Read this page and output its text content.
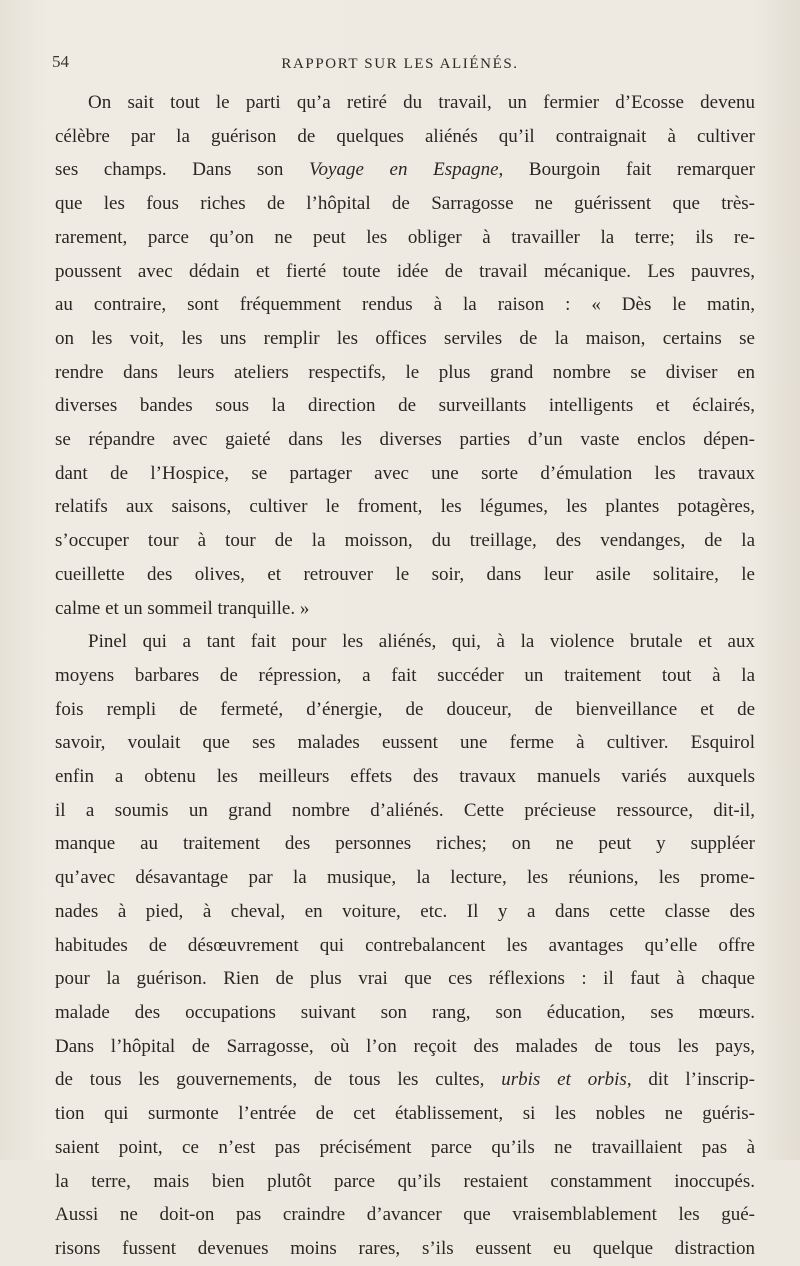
54	RAPPORT SUR LES ALIÉNÉS.
On sait tout le parti qu’a retiré du travail, un fermier d’Ecosse devenu
célèbre par la guérison de quelques aliénés qu’il contraignait à cultiver
ses champs. Dans son Voyage en Espagne, Bourgoin fait remarquer
que les fous riches de l’hôpital de Sarragosse ne guérissent que très-
rarement, parce qu’on ne peut les obliger à travailler la terre; ils re-
poussent avec dédain et fierté toute idée de travail mécanique. Les pauvres,
au contraire, sont fréquemment rendus à la raison : « Dès le matin,
on les voit, les uns remplir les offices serviles de la maison, certains se
rendre dans leurs ateliers respectifs, le plus grand nombre se diviser en
diverses bandes sous la direction de surveillants intelligents et éclairés,
se répandre avec gaieté dans les diverses parties d’un vaste enclos dépen-
dant de l’Hospice, se partager avec une sorte d’émulation les travaux
relatifs aux saisons, cultiver le froment, les légumes, les plantes potagères,
s’occuper tour à tour de la moisson, du treillage, des vendanges, de la
cueillette des olives, et retrouver le soir, dans leur asile solitaire, le
calme et un sommeil tranquille. »
Pinel qui a tant fait pour les aliénés, qui, à la violence brutale et aux
moyens barbares de répression, a fait succéder un traitement tout à la
fois rempli de fermeté, d’énergie, de douceur, de bienveillance et de
savoir, voulait que ses malades eussent une ferme à cultiver. Esquirol
enfin a obtenu les meilleurs effets des travaux manuels variés auxquels
il a soumis un grand nombre d’aliénés. Cette précieuse ressource, dit-il,
manque au traitement des personnes riches; on ne peut y suppléer
qu’avec désavantage par la musique, la lecture, les réunions, les prome-
nades à pied, à cheval, en voiture, etc. Il y a dans cette classe des
habitudes de désœuvrement qui contrebalancent les avantages qu’elle offre
pour la guérison. Rien de plus vrai que ces réflexions : il faut à chaque
malade des occupations suivant son rang, son éducation, ses mœurs.
Dans l’hôpital de Sarragosse, où l’on reçoit des malades de tous les pays,
de tous les gouvernements, de tous les cultes, urbis et orbis, dit l’inscrip-
tion qui surmonte l’entrée de cet établissement, si les nobles ne guéris-
saient point, ce n’est pas précisément parce qu’ils ne travaillaient pas à
la terre, mais bien plutôt parce qu’ils restaient constamment inoccupés.
Aussi ne doit-on pas craindre d’avancer que vraisemblablement les gué-
risons fussent devenues moins rares, s’ils eussent eu quelque distraction
